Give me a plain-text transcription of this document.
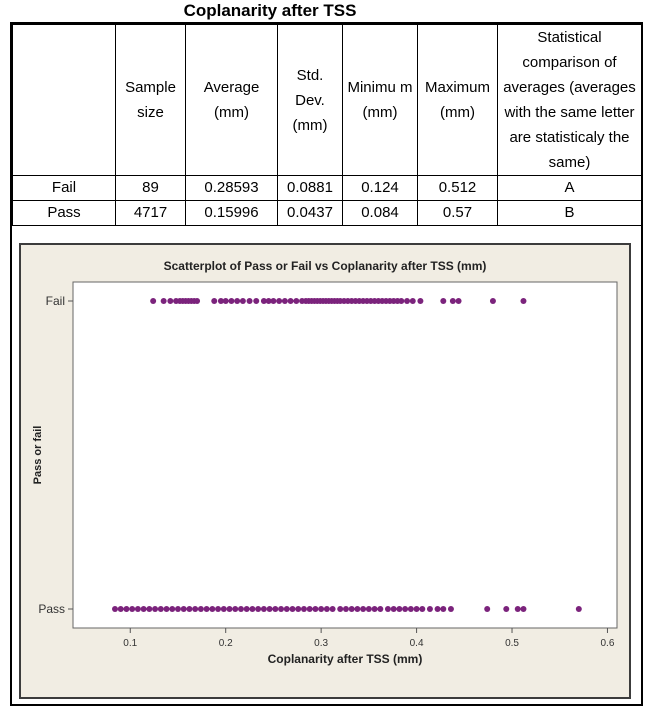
Coplanarity after TSS
	Sample size	Average (mm)	Std. Dev. (mm)	Minimu m (mm)	Maximum (mm)	Statistical comparison of averages (averages with the same letter are statisticaly the same)
Fail	89	0.28593	0.0881	0.124	0.512	A
Pass	4717	0.15996	0.0437	0.084	0.57	B
Scatterplot of Pass or Fail vs Coplanarity after TSS (mm)
Fail
Pass
0.1	0.2	0.3	0.4	0.5	0.6
Coplanarity after TSS (mm)
Pass or fail
